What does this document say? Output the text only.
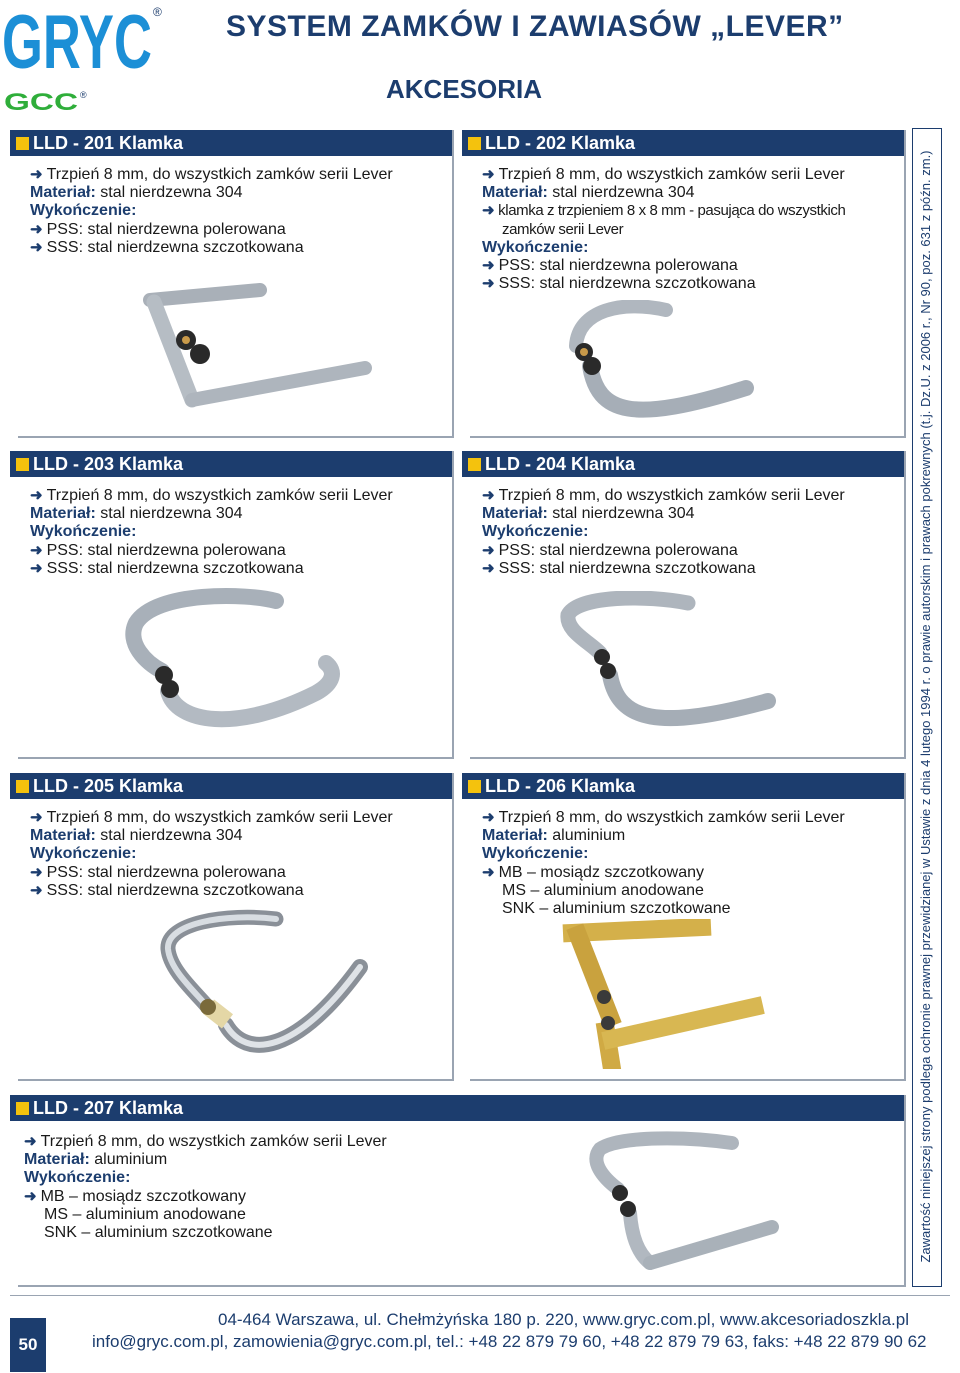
GRYC ®
GCC ®
SYSTEM ZAMKÓW I ZAWIASÓW „LEVER”
AKCESORIA
LLD - 201 Klamka
➜ Trzpień 8 mm, do wszystkich zamków serii Lever
Materiał: stal nierdzewna 304
Wykończenie:
➜ PSS: stal nierdzewna polerowana
➜ SSS: stal nierdzewna szczotkowana
LLD - 202 Klamka
➜ Trzpień 8 mm, do wszystkich zamków serii Lever
Materiał: stal nierdzewna 304
➜ klamka z trzpieniem 8 x 8 mm - pasująca do wszystkich zamków serii Lever
Wykończenie:
➜ PSS: stal nierdzewna polerowana
➜ SSS: stal nierdzewna szczotkowana
LLD - 203 Klamka
➜ Trzpień 8 mm, do wszystkich zamków serii Lever
Materiał: stal nierdzewna 304
Wykończenie:
➜ PSS: stal nierdzewna polerowana
➜ SSS: stal nierdzewna szczotkowana
LLD - 204 Klamka
➜ Trzpień 8 mm, do wszystkich zamków serii Lever
Materiał: stal nierdzewna 304
Wykończenie:
➜ PSS: stal nierdzewna polerowana
➜ SSS: stal nierdzewna szczotkowana
LLD - 205 Klamka
➜ Trzpień 8 mm, do wszystkich zamków serii Lever
Materiał: stal nierdzewna 304
Wykończenie:
➜ PSS: stal nierdzewna polerowana
➜ SSS: stal nierdzewna szczotkowana
LLD - 206 Klamka
➜ Trzpień 8 mm, do wszystkich zamków serii Lever
Materiał: aluminium
Wykończenie:
➜ MB – mosiądz szczotkowany
MS – aluminium anodowane
SNK – aluminium szczotkowane
LLD - 207 Klamka
➜ Trzpień 8 mm, do wszystkich zamków serii Lever
Materiał: aluminium
Wykończenie:
➜ MB – mosiądz szczotkowany
MS – aluminium anodowane
SNK – aluminium szczotkowane	Zawartość niniejszej strony podlega ochronie prawnej przewidzianej w Ustawie z dnia 4 lutego 1994 r. o prawie autorskim i prawach pokrewnych (t.j. Dz.U. z 2006 r., Nr 90, poz. 631 z późn. zm.)
50
04-464 Warszawa, ul. Chełmżyńska 180 p. 220, www.gryc.com.pl, www.akcesoriadoszkla.pl
info@gryc.com.pl, zamowienia@gryc.com.pl, tel.: +48 22 879 79 60, +48 22 879 79 63, faks: +48 22 879 90 62
